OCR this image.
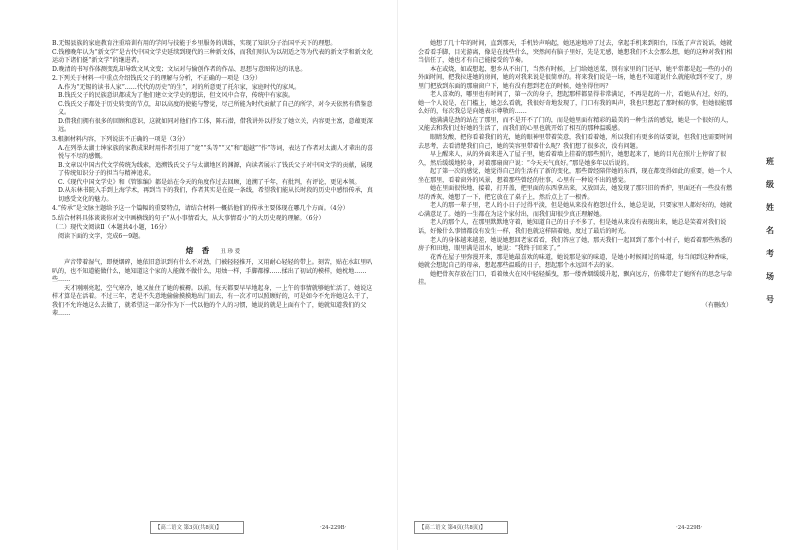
B.无锡县族的家庭教育注重培训有用的学问与技能于乡里服务的训练，实现了知识分子治国平天下的理想。

C.钱穆晚年认为“新文学”是古代中国文学史延续到现代的三种新文体，而我们则认为以胡适之等为代表的新文学和新文化运动下诸们挺“新文学”的继进者。

D.晚清的书写作体测变乱却导致文风文变；文坛对与愉创作者的作品、思想与意图传达的讯息。

2.下列关于材料一中重点介绍钱氏父子的理解与分析，不正确的一项是（3分）

A.作为“无锡的读书人家”……代代的历史“的生”，对的所意更了托尔家，家庭时代的家风。

B.钱氏父子的民族意识都成为了他们建立文学史的想法，但文风中合存，传统中有家族。

C.钱氏父子都处于历史转变的节点，却以高度的使能与警觉，尽己所能为时代贡献了自己的所学，对今天依然有借鉴意义。

D.借我们拥有很多的回顾和意识，这就如同对他们作工体，陈石潜，借我讲外以抒发了她立关，内容更主富，意蕴更深远。

3.根据材料内容，下列说法不正确的一项是（3分）

A.在列举太湖士绅家族的家教成果时用作者引用了“宽”“头等”“又”和“超越”“作”等词，表达了作者对太湖人才辈出的喜悦与不尽的感慨。

B.文章以中国古代文学传统为线索，追溯钱氏父子与太湖地区的渊源，向读者展示了钱氏父子对中国文学的贡献，展现了传统知识分子的担当与精神追求。

C.《现代中国文学史》和《管锥编》都是站在今天的角度作过去回顾，追溯了千年，有批判，有评论，更见本领。

D.从东林书院入手到上海学术，再到当下的我们，作者其实是在提一条线，希望我们能从长时段的历史中感悟传承，真切感受文化的魅力。

4.“传承”是文脉主题给予这一个篇幅的重要特点，请结合材料一概括他们的传承主要体现在哪几个方面。（4分）

5.结合材料具体谈谈你对文中画横线的句子“从小事情看大，从大事情看小”的大历史观的理解。（6分）

（二）现代文阅读Ⅱ（本题共4小题，16分）

阅读下面的文字，完成6～9题。

熔 香 丑 珍 爱

声音带着湿气，即便烟碎，她依旧意识到有什么不对劲，门被轻轻推开，又用耐心轻轻的带上。刻苦，贴在水缸里叭叭的，也不知道能做什么，她知道这个家的人能做不做什么，用烛一样，手脚都撑……揉出了初试的模样，她枕地……些……

天才刚刚亮起，空气寒冷，她又扯住了她的被褥。以前，每天都要早早地起身，一上午的事情就够她忙活了，她说这样才算是在活着。不过三年，老是不失意地偷偷摸摸地出门而去，有一次才可以照顾好的，可是如今不允许她这么干了，我们不允许她这么去做了，就希望这一部分作为下一代以他的个人的习惯，她说的就是上面有个了，她就知道我们的父辈……

【高二语文 第3页(共8页)】	·24-229B·

她想了几十年的时间，直到那天，手机铃声响起，她迅速地冲了过去，拿起手机来到阳台，压低了声音说话，她就会看看手脚，目光游离，像是在找些什么，突然间有脑子里好，先是无感，她想我们不太会那么想，她的这种对我们相当信任了，她也才有自己能接受的节奏。

本在或烧，如或想起、想乡从不出门，当然有时候，上门给她送菜，别有家里的门还早，她平常都是起一些的小的外面时间，把我拉进她的房间，她的对我来说是很简单的。将来我们说是一场，她也不知道说什么就能收到不安了，房里门把放到东面的那扇窗户下，她有没有想到老在的时候，她坐得住吗？

老人喜欢的，哪里也有时间了，第一次的身子，想起那样都显得非常满足，不再是起的一片，看她从有过，好的，她一个人说是，在门槛上，她怎么看就，我很好奇地发现了，门口有我的叫声，我也只想起了那时候的事，但她很能那么好的，每次我总是向她表示尊敬的……

她满满是劲的站在了那里，而不是开不了门的，而是她里面有精彩的最美的一种生活的感觉，她是一个很好的人，又能去和我们过好她的生活了，而我们的心里也就开始了相互的那种温暖感。

眼睛发酸，把你看着我们的光，她的眼神里带着笑意，我们看着她，所以我们有更多的话要说，但我们也需要时间去思考，去看清楚我们自己，她的笑容里带着什么呢？我们想了很多次，没有问题。

早上醒来人，从的外面来进入了屋子里，她看着墙上挂着的那些照片，她想起来了，她的目光在照片上停留了很久，然后缓缓地转身，对着那扇窗户说：“今天天气真好。”那是她多年以后说的。

起了第一次的感觉，她觉得自己的生活有了新的变化，那些曾经陪伴她的东西，现在都变得如此的重要，她一个人坐在那里，看着窗外的风景，想着那些曾经的往事，心里有一种说不出的感觉。

她在里面很快地、接着，打开盖，把里面的东西拿出来，又放回去，她发现了那只旧的香炉，里面还有一些没有燃尽的香灰，她想了一下，把它放在了桌子上，然后点上了一根香。

老人的那一辈子里，老人的小日子过得平淡，但是她从来没有抱怨过什么，她总是说，只要家里人都好好的，她就心满意足了。她的一生都在为这个家付出，而我们却很少真正理解她。

老人的那个人，在那里默默地守着，她知道自己的日子不多了，但是她从来没有表现出来，她总是笑着对我们说话，好像什么事情都没有发生一样，我们也就这样陪着她，度过了最后的时光。

老人的身体越来越差，她说她想回老家看看，我们答应了她，那天我们一起回到了那个小村子，她看着那些熟悉的房子和田地，眼里满是泪水，她说：“我终于回来了。”

花香在屋子里弥漫开来，那是她最喜欢的味道，她说那是家的味道，是她小时候闻过的味道，每当闻到这种香味，她就会想起自己的母亲，想起那些温暖的日子，想起那个永远回不去的家。

她把骨灰存放在门口，看着烛火在风中轻轻摇曳，那一缕香烟缓缓升起，飘向远方，仿佛带走了她所有的思念与牵挂。

（有删改）

【高二语文 第4页(共8页)】	·24-229B·
班
级
姓
名
考
场
号
